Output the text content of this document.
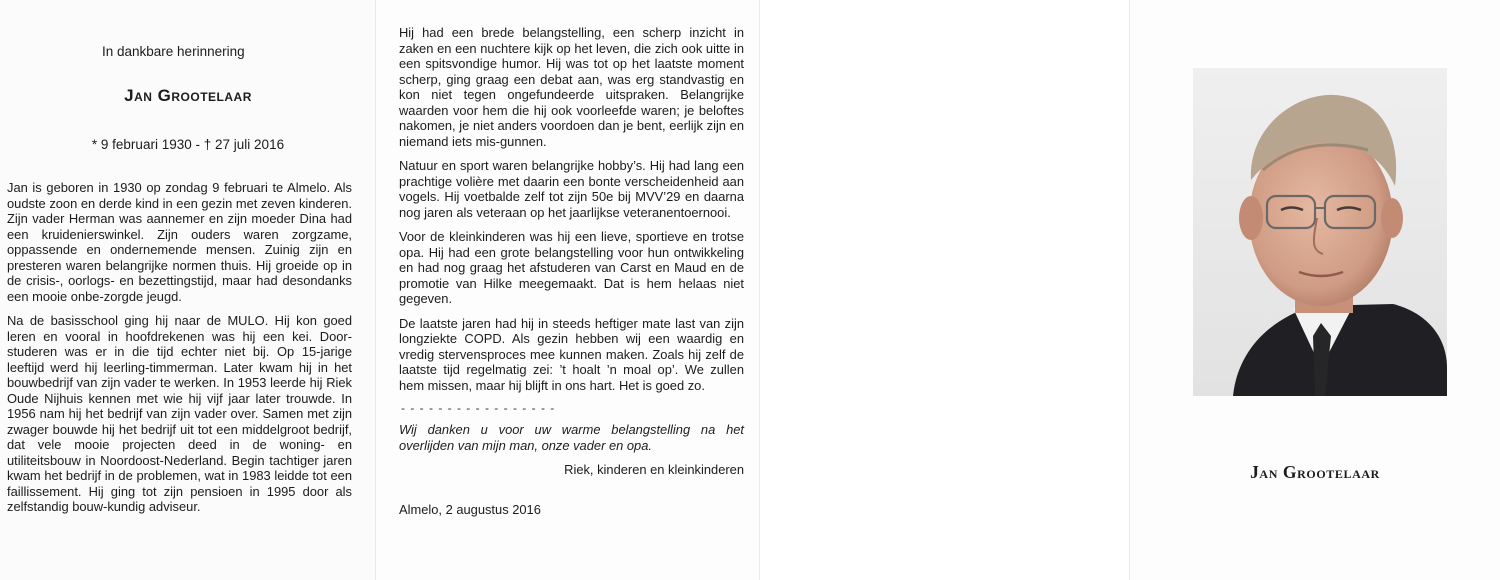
In dankbare herinnering

Jan Grootelaar

* 9 februari 1930 - † 27 juli 2016

Jan is geboren in 1930 op zondag 9 februari te Almelo. Als oudste zoon en derde kind in een gezin met zeven kinderen. Zijn vader Herman was aannemer en zijn moeder Dina had een kruidenierswinkel. Zijn ouders waren zorgzame, oppassende en ondernemende mensen. Zuinig zijn en presteren waren belangrijke normen thuis. Hij groeide op in de crisis-, oorlogs- en bezettingstijd, maar had desondanks een mooie onbe-zorgde jeugd.

Na de basisschool ging hij naar de MULO. Hij kon goed leren en vooral in hoofdrekenen was hij een kei. Door-studeren was er in die tijd echter niet bij. Op 15-jarige leeftijd werd hij leerling-timmerman. Later kwam hij in het bouwbedrijf van zijn vader te werken. In 1953 leerde hij Riek Oude Nijhuis kennen met wie hij vijf jaar later trouwde. In 1956 nam hij het bedrijf van zijn vader over. Samen met zijn zwager bouwde hij het bedrijf uit tot een middelgroot bedrijf, dat vele mooie projecten deed in de woning- en utiliteitsbouw in Noordoost-Nederland. Begin tachtiger jaren kwam het bedrijf in de problemen, wat in 1983 leidde tot een faillissement. Hij ging tot zijn pensioen in 1995 door als zelfstandig bouw-kundig adviseur.

Hij had een brede belangstelling, een scherp inzicht in zaken en een nuchtere kijk op het leven, die zich ook uitte in een spitsvondige humor. Hij was tot op het laatste moment scherp, ging graag een debat aan, was erg standvastig en kon niet tegen ongefundeerde uitspraken. Belangrijke waarden voor hem die hij ook voorleefde waren; je beloftes nakomen, je niet anders voordoen dan je bent, eerlijk zijn en niemand iets mis-gunnen.

Natuur en sport waren belangrijke hobby’s. Hij had lang een prachtige volière met daarin een bonte verscheidenheid aan vogels. Hij voetbalde zelf tot zijn 50e bij MVV’29 en daarna nog jaren als veteraan op het jaarlijkse veteranentoernooi.

Voor de kleinkinderen was hij een lieve, sportieve en trotse opa. Hij had een grote belangstelling voor hun ontwikkeling en had nog graag het afstuderen van Carst en Maud en de promotie van Hilke meegemaakt. Dat is hem helaas niet gegeven.

De laatste jaren had hij in steeds heftiger mate last van zijn longziekte COPD. Als gezin hebben wij een waardig en vredig stervensproces mee kunnen maken. Zoals hij zelf de laatste tijd regelmatig zei: ’t hoalt ’n moal op’. We zullen hem missen, maar hij blijft in ons hart. Het is goed zo.

- - - - - - - - - - - - - - - - -

Wij danken u voor uw warme belangstelling na het overlijden van mijn man, onze vader en opa.

Riek, kinderen en kleinkinderen

Almelo, 2 augustus 2016

Jan Grootelaar
